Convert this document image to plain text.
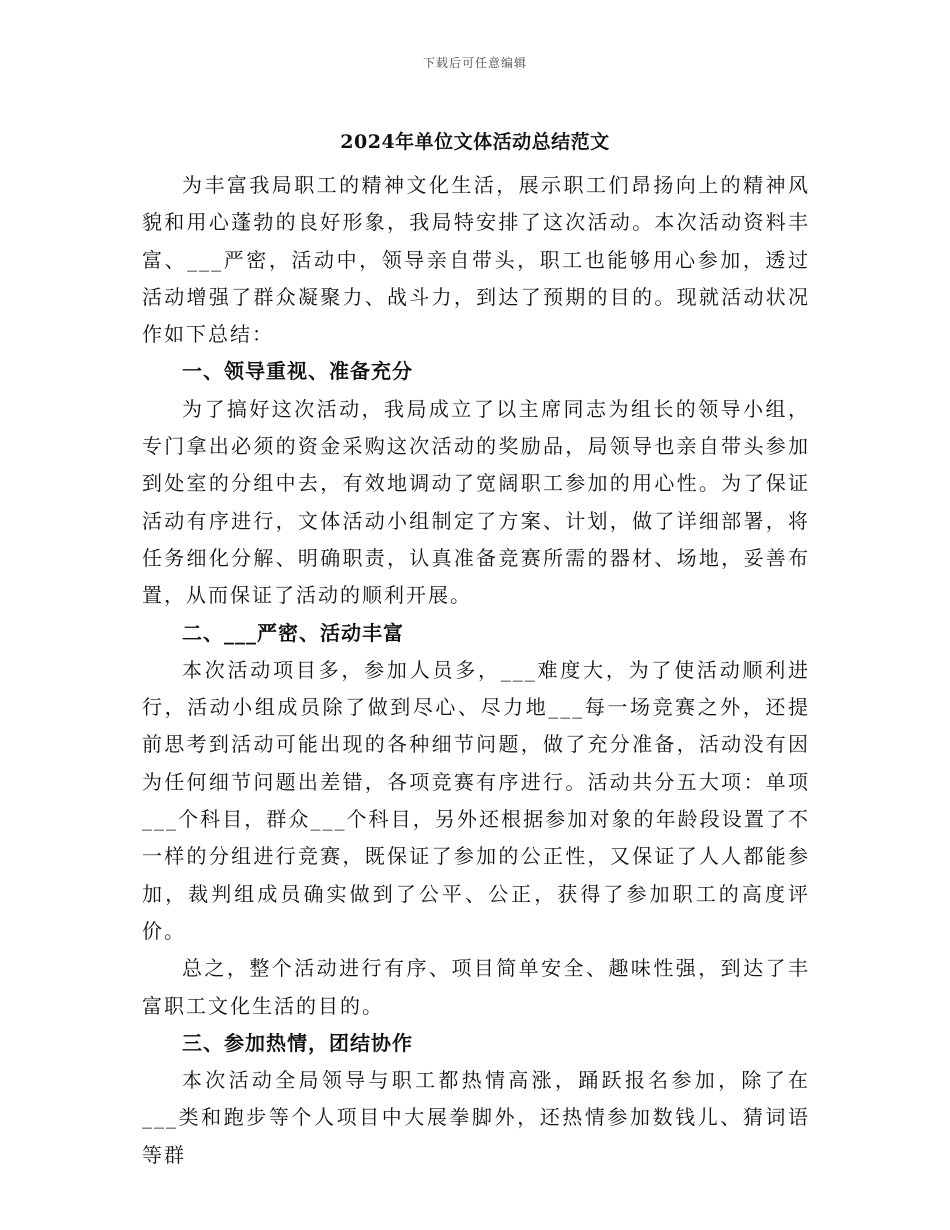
下载后可任意编辑
2024年单位文体活动总结范文

为丰富我局职工的精神文化生活，展示职工们昂扬向上的精神风貌和用心蓬勃的良好形象，我局特安排了这次活动。本次活动资料丰富、___严密，活动中，领导亲自带头，职工也能够用心参加，透过活动增强了群众凝聚力、战斗力，到达了预期的目的。现就活动状况作如下总结：

一、领导重视、准备充分

为了搞好这次活动，我局成立了以主席同志为组长的领导小组，专门拿出必须的资金采购这次活动的奖励品，局领导也亲自带头参加到处室的分组中去，有效地调动了宽阔职工参加的用心性。为了保证活动有序进行，文体活动小组制定了方案、计划，做了详细部署，将任务细化分解、明确职责，认真准备竞赛所需的器材、场地，妥善布置，从而保证了活动的顺利开展。

二、___严密、活动丰富

本次活动项目多，参加人员多，___难度大，为了使活动顺利进行，活动小组成员除了做到尽心、尽力地___每一场竞赛之外，还提前思考到活动可能出现的各种细节问题，做了充分准备，活动没有因为任何细节问题出差错，各项竞赛有序进行。活动共分五大项：单项___个科目，群众___个科目，另外还根据参加对象的年龄段设置了不一样的分组进行竞赛，既保证了参加的公正性，又保证了人人都能参加，裁判组成员确实做到了公平、公正，获得了参加职工的高度评价。

总之，整个活动进行有序、项目简单安全、趣味性强，到达了丰富职工文化生活的目的。

三、参加热情，团结协作

本次活动全局领导与职工都热情高涨，踊跃报名参加，除了在___类和跑步等个人项目中大展拳脚外，还热情参加数钱儿、猜词语等群
